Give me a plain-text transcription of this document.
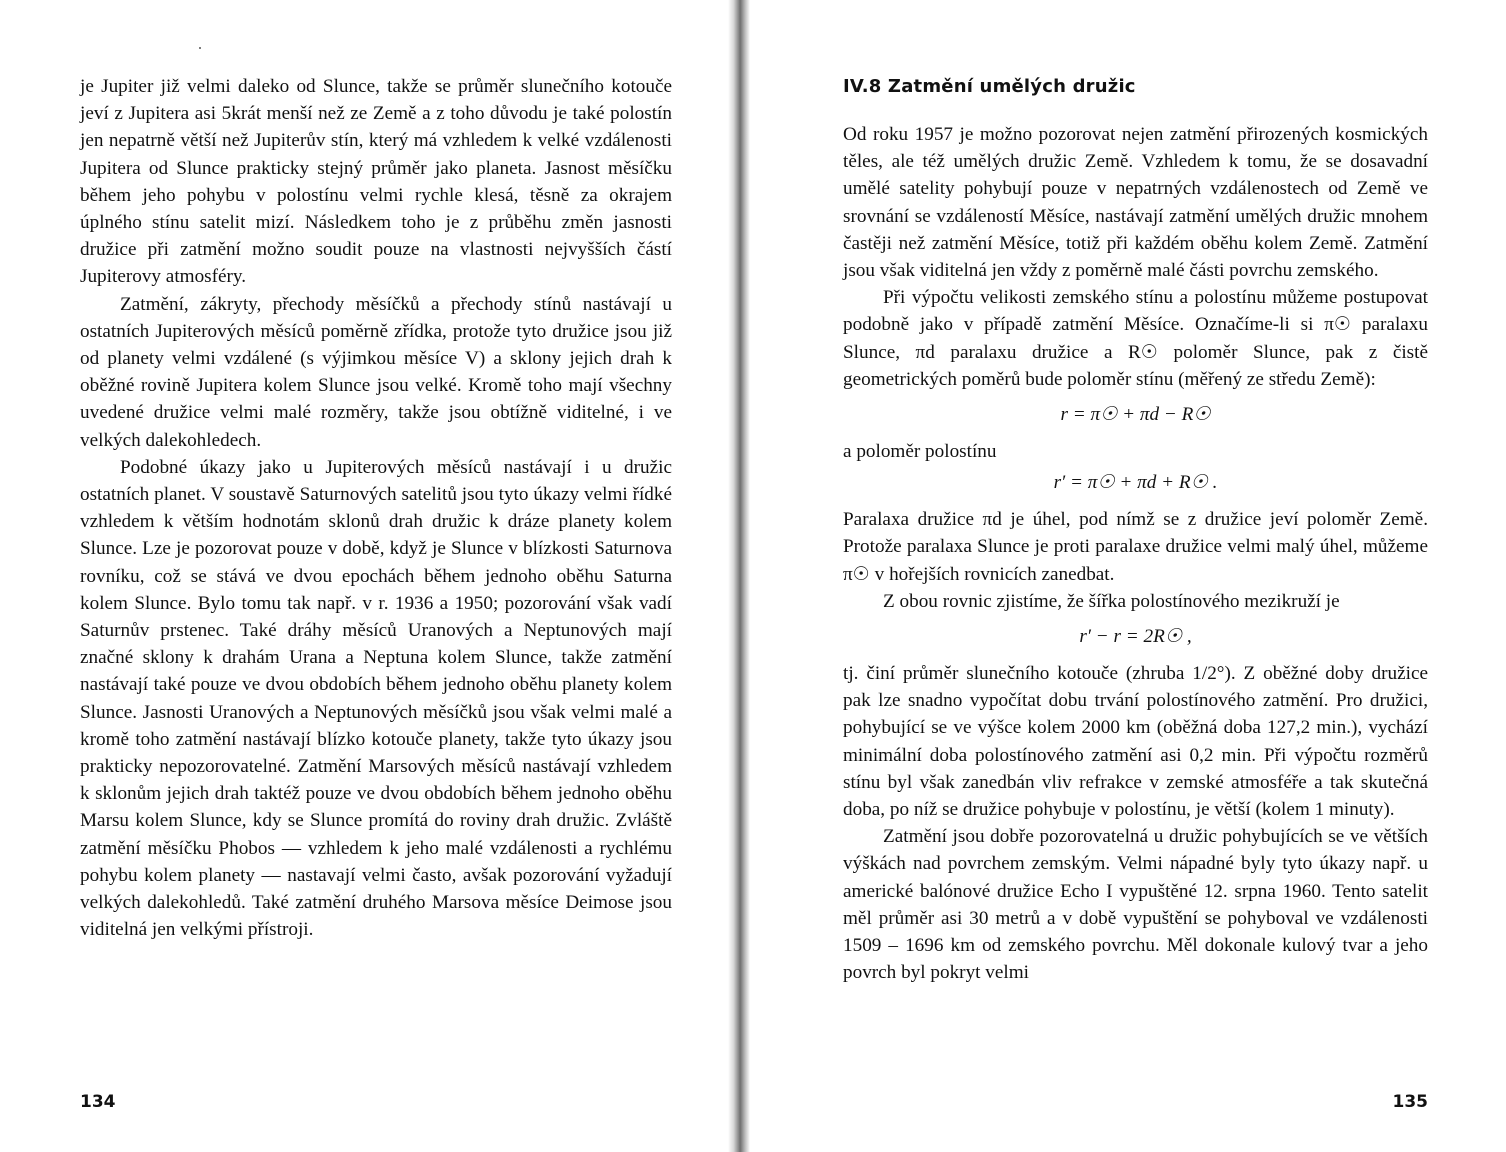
je Jupiter již velmi daleko od Slunce, takže se průměr slunečního kotouče jeví z Jupitera asi 5krát menší než ze Země a z toho důvodu je také polostín jen nepatrně větší než Jupiterův stín, který má vzhledem k velké vzdálenosti Jupitera od Slunce prakticky stejný průměr jako planeta. Jasnost měsíčku během jeho pohybu v polostínu velmi rychle klesá, těsně za okrajem úplného stínu satelit mizí. Následkem toho je z průběhu změn jasnosti družice při zatmění možno soudit pouze na vlastnosti nejvyšších částí Jupiterovy atmosféry.

Zatmění, zákryty, přechody měsíčků a přechody stínů nastávají u ostatních Jupiterových měsíců poměrně zřídka, protože tyto družice jsou již od planety velmi vzdálené (s výjimkou měsíce V) a sklony jejich drah k oběžné rovině Jupitera kolem Slunce jsou velké. Kromě toho mají všechny uvedené družice velmi malé rozměry, takže jsou obtížně viditelné, i ve velkých dalekohledech.

Podobné úkazy jako u Jupiterových měsíců nastávají i u družic ostatních planet. V soustavě Saturnových satelitů jsou tyto úkazy velmi řídké vzhledem k větším hodnotám sklonů drah družic k dráze planety kolem Slunce. Lze je pozorovat pouze v době, když je Slunce v blízkosti Saturnova rovníku, což se stává ve dvou epochách během jednoho oběhu Saturna kolem Slunce. Bylo tomu tak např. v r. 1936 a 1950; pozorování však vadí Saturnův prstenec. Také dráhy měsíců Uranových a Neptunových mají značné sklony k drahám Urana a Neptuna kolem Slunce, takže zatmění nastávají také pouze ve dvou obdobích během jednoho oběhu planety kolem Slunce. Jasnosti Uranových a Neptunových měsíčků jsou však velmi malé a kromě toho zatmění nastávají blízko kotouče planety, takže tyto úkazy jsou prakticky nepozorovatelné. Zatmění Marsových měsíců nastávají vzhledem k sklonům jejich drah taktéž pouze ve dvou obdobích během jednoho oběhu Marsu kolem Slunce, kdy se Slunce promítá do roviny drah družic. Zvláště zatmění měsíčku Phobos — vzhledem k jeho malé vzdálenosti a rychlému pohybu kolem planety — nastavají velmi často, avšak pozorování vyžadují velkých dalekohledů. Také zatmění druhého Marsova měsíce Deimose jsou viditelná jen velkými přístroji.

134
IV.8 Zatmění umělých družic

Od roku 1957 je možno pozorovat nejen zatmění přirozených kosmických těles, ale též umělých družic Země. Vzhledem k tomu, že se dosavadní umělé satelity pohybují pouze v nepatrných vzdálenostech od Země ve srovnání se vzdáleností Měsíce, nastávají zatmění umělých družic mnohem častěji než zatmění Měsíce, totiž při každém oběhu kolem Země. Zatmění jsou však viditelná jen vždy z poměrně malé části povrchu zemského.

Při výpočtu velikosti zemského stínu a polostínu můžeme postupovat podobně jako v případě zatmění Měsíce. Označíme-li si π☉ paralaxu Slunce, πd paralaxu družice a R☉ poloměr Slunce, pak z čistě geometrických poměrů bude poloměr stínu (měřený ze středu Země):

r = π☉ + πd − R☉

a poloměr polostínu

r′ = π☉ + πd + R☉ .

Paralaxa družice πd je úhel, pod nímž se z družice jeví poloměr Země. Protože paralaxa Slunce je proti paralaxe družice velmi malý úhel, můžeme π☉ v hořejších rovnicích zanedbat.

Z obou rovnic zjistíme, že šířka polostínového mezikruží je

r′ − r = 2R☉ ,

tj. činí průměr slunečního kotouče (zhruba 1/2°). Z oběžné doby družice pak lze snadno vypočítat dobu trvání polostínového zatmění. Pro družici, pohybující se ve výšce kolem 2000 km (oběžná doba 127,2 min.), vychází minimální doba polostínového zatmění asi 0,2 min. Při výpočtu rozměrů stínu byl však zanedbán vliv refrakce v zemské atmosféře a tak skutečná doba, po níž se družice pohybuje v polostínu, je větší (kolem 1 minuty).

Zatmění jsou dobře pozorovatelná u družic pohybujících se ve větších výškách nad povrchem zemským. Velmi nápadné byly tyto úkazy např. u americké balónové družice Echo I vypuštěné 12. srpna 1960. Tento satelit měl průměr asi 30 metrů a v době vypuštění se pohyboval ve vzdálenosti 1509 – 1696 km od zemského povrchu. Měl dokonale kulový tvar a jeho povrch byl pokryt velmi

135
